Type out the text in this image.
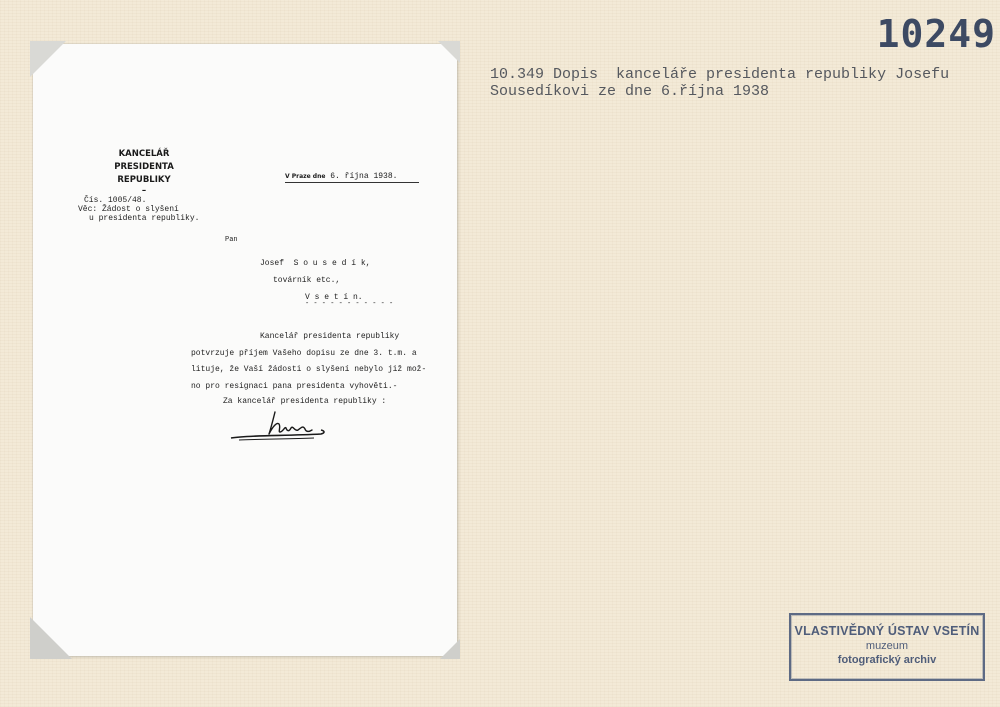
10249
10.349 Dopis  kanceláře presidenta republiky Josefu
Sousedíkovi ze dne 6.října 1938
KANCELÁŘ
PRESIDENTA REPUBLIKY
–
V Praze dne 6. října 1938.
Čís. 1005/48.
Věc: Žádost o slyšení
u presidenta republiky.
Pan
Josef  S o u s e d í k,
továrník etc.,
V s e t í n.
- - - - - - - - - - -
Kancelář presidenta republiky
potvrzuje příjem Vašeho dopisu ze dne 3. t.m. a
lituje, že Vaší žádosti o slyšení nebylo již mož-
no pro resignaci pana presidenta vyhověti.-
Za kancelář presidenta republiky :
VLASTIVĚDNÝ ÚSTAV VSETÍN
muzeum
fotografický archiv
